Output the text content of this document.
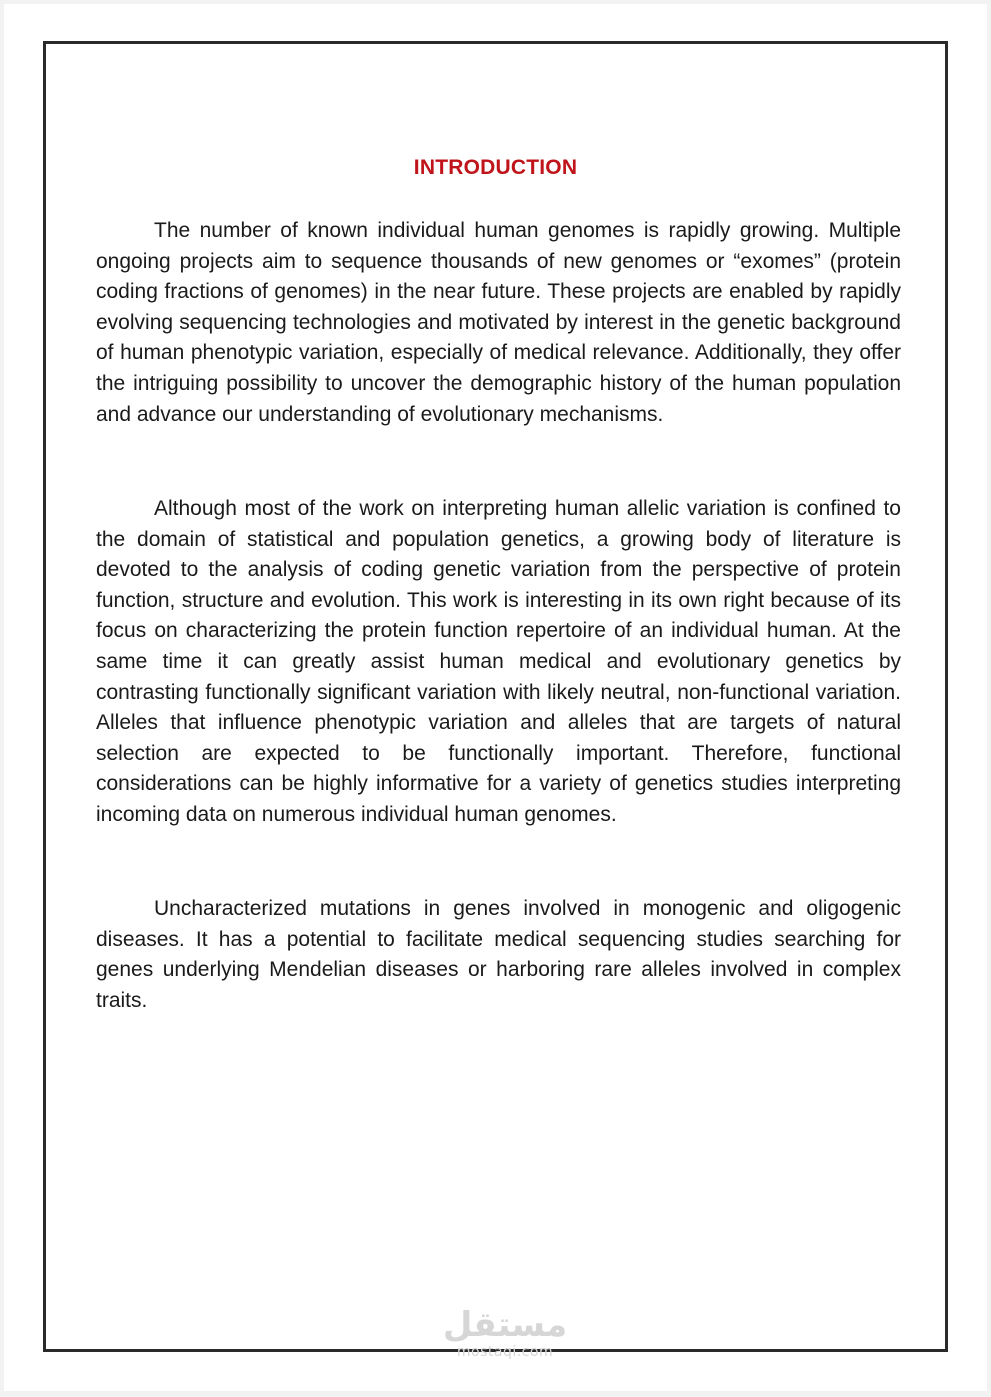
INTRODUCTION

The number of known individual human genomes is rapidly growing. Multiple ongoing projects aim to sequence thousands of new genomes or “exomes” (protein coding fractions of genomes) in the near future. These projects are enabled by rapidly evolving sequencing technologies and motivated by interest in the genetic background of human phenotypic variation, especially of medical relevance. Additionally, they offer the intriguing possibility to uncover the demographic history of the human population and advance our understanding of evolutionary mechanisms.

Although most of the work on interpreting human allelic variation is confined to the domain of statistical and population genetics, a growing body of literature is devoted to the analysis of coding genetic variation from the perspective of protein function, structure and evolution. This work is interesting in its own right because of its focus on characterizing the protein function repertoire of an individual human. At the same time it can greatly assist human medical and evolutionary genetics by contrasting functionally significant variation with likely neutral, non-functional variation. Alleles that influence phenotypic variation and alleles that are targets of natural selection are expected to be functionally important. Therefore, functional considerations can be highly informative for a variety of genetics studies interpreting incoming data on numerous individual human genomes.

Uncharacterized mutations in genes involved in monogenic and oligogenic diseases. It has a potential to facilitate medical sequencing studies searching for genes underlying Mendelian diseases or harboring rare alleles involved in complex traits.

مستقل
mostaqi.com
